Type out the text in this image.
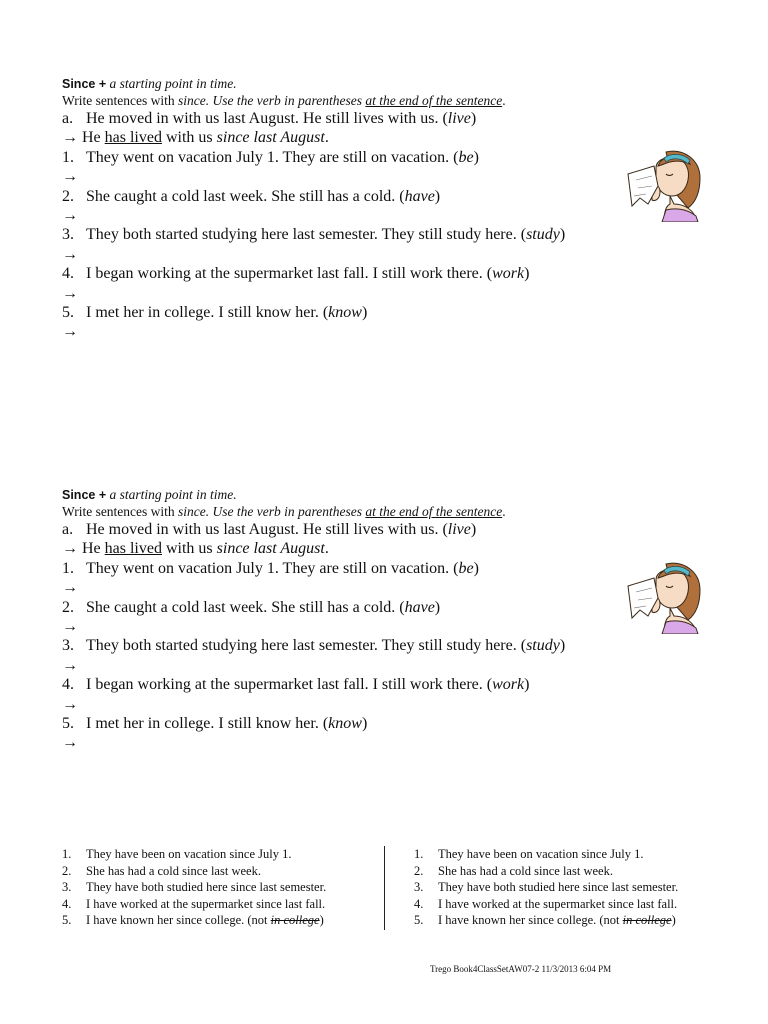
Since + a starting point in time.
Write sentences with since. Use the verb in parentheses at the end of the sentence.
a. He moved in with us last August. He still lives with us. (live)
→ He has lived with us since last August.
1. They went on vacation July 1. They are still on vacation. (be)
→
2. She caught a cold last week. She still has a cold. (have)
→
3. They both started studying here last semester. They still study here. (study)
→
4. I began working at the supermarket last fall. I still work there. (work)
→
5. I met her in college. I still know her. (know)
→
Since + a starting point in time.
Write sentences with since. Use the verb in parentheses at the end of the sentence.
a. He moved in with us last August. He still lives with us. (live)
→ He has lived with us since last August.
1. They went on vacation July 1. They are still on vacation. (be)
→
2. She caught a cold last week. She still has a cold. (have)
→
3. They both started studying here last semester. They still study here. (study)
→
4. I began working at the supermarket last fall. I still work there. (work)
→
5. I met her in college. I still know her. (know)
→
1. They have been on vacation since July 1.
2. She has had a cold since last week.
3. They have both studied here since last semester.
4. I have worked at the supermarket since last fall.
5. I have known her since college. (not in college)
1. They have been on vacation since July 1.
2. She has had a cold since last week.
3. They have both studied here since last semester.
4. I have worked at the supermarket since last fall.
5. I have known her since college. (not in college)
Trego Book4ClassSetAW07-2 11/3/2013 6:04 PM
